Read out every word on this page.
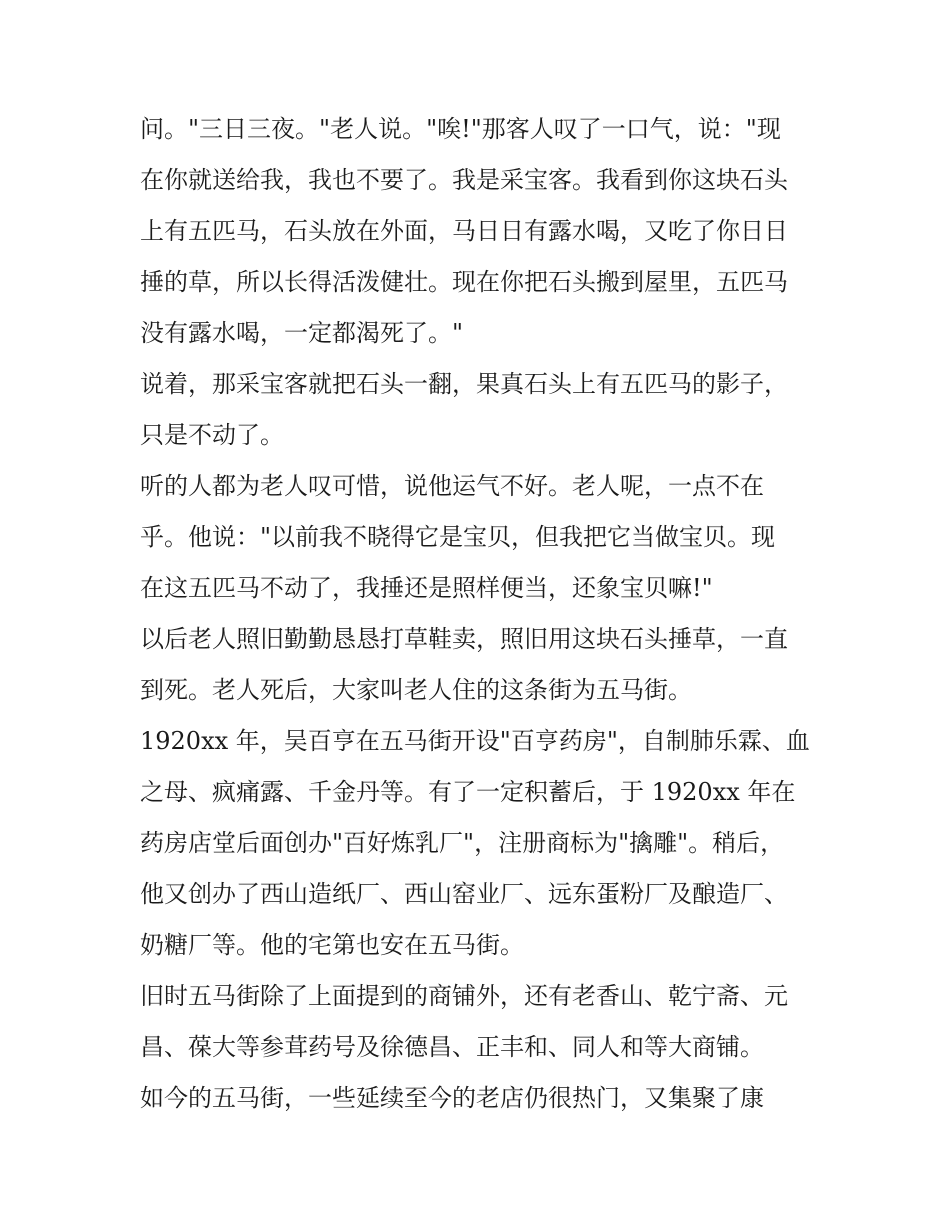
问。"三日三夜。"老人说。"唉!"那客人叹了一口气，说："现
在你就送给我，我也不要了。我是采宝客。我看到你这块石头
上有五匹马，石头放在外面，马日日有露水喝，又吃了你日日
捶的草，所以长得活泼健壮。现在你把石头搬到屋里，五匹马
没有露水喝，一定都渴死了。"
说着，那采宝客就把石头一翻，果真石头上有五匹马的影子，
只是不动了。
听的人都为老人叹可惜，说他运气不好。老人呢，一点不在
乎。他说："以前我不晓得它是宝贝，但我把它当做宝贝。现
在这五匹马不动了，我捶还是照样便当，还象宝贝嘛!"
以后老人照旧勤勤恳恳打草鞋卖，照旧用这块石头捶草，一直
到死。老人死后，大家叫老人住的这条街为五马街。
1920xx 年，吴百亨在五马街开设"百亨药房"，自制肺乐霖、血
之母、疯痛露、千金丹等。有了一定积蓄后，于 1920xx 年在
药房店堂后面创办"百好炼乳厂"，注册商标为"擒雕"。稍后，
他又创办了西山造纸厂、西山窑业厂、远东蛋粉厂及酿造厂、
奶糖厂等。他的宅第也安在五马街。
旧时五马街除了上面提到的商铺外，还有老香山、乾宁斋、元
昌、葆大等参茸药号及徐德昌、正丰和、同人和等大商铺。
如今的五马街，一些延续至今的老店仍很热门，又集聚了康
